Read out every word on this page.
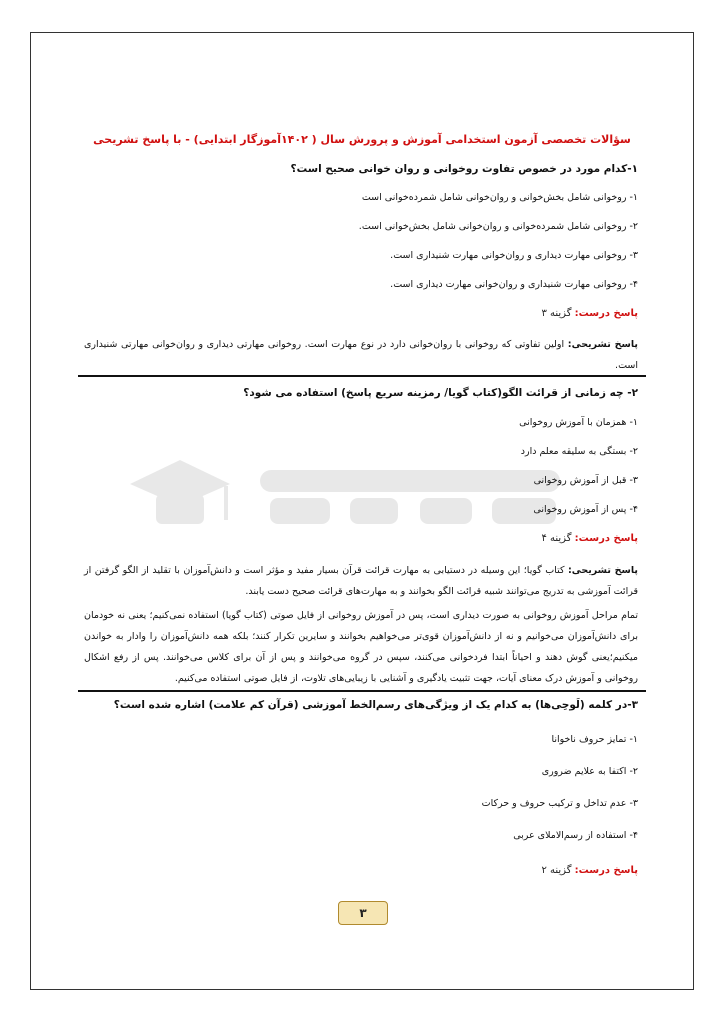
سؤالات تخصصی آزمون استخدامی آموزش و پرورش سال ( ۱۴۰۲آموزگار ابتدایی) - با پاسخ تشریحی
۱-کدام مورد در خصوص تفاوت روخوانی و روان خوانی صحیح است؟
۱- روخوانی شامل بخش‌خوانی و روان‌خوانی شامل شمرده‌خوانی است
۲- روخوانی شامل شمرده‌خوانی و روان‌خوانی شامل بخش‌خوانی است.
۳- روخوانی مهارت دیداری و روان‌خوانی مهارت شنیداری است.
۴- روخوانی مهارت شنیداری و روان‌خوانی مهارت دیداری است.
پاسخ درست: گزینه ۳
پاسخ تشریحی: اولین تفاوتی که روخوانی با روان‌خوانی دارد در نوع مهارت است. روخوانی مهارتی دیداری و روان‌خوانی مهارتی شنیداری است.
۲- چه زمانی از قرائت الگو(کتاب گویا/ رمزینه سریع پاسخ) استفاده می شود؟
۱- همزمان با آموزش روخوانی
۲- بستگی به سلیقه معلم دارد
۳- قبل از آموزش روخوانی
۴- پس از آموزش روخوانی
پاسخ درست: گزینه ۴
پاسخ تشریحی: کتاب گویا؛ این وسیله در دستیابی به مهارت قرائت قرآن بسیار مفید و مؤثر است و دانش‌آموزان با تقلید از الگو گرفتن از قرائت آموزشی به تدریج می‌توانند شبیه قرائت الگو بخوانند و به مهارت‌های قرائت صحیح دست یابند.
تمام مراحل آموزش روخوانی به صورت دیداری است، پس در آموزش روخوانی از فایل صوتی (کتاب گویا) استفاده نمی‌کنیم؛ یعنی نه خودمان برای دانش‌آموزان می‌خوانیم و نه از دانش‌آموزان قوی‌تر می‌خواهیم بخوانند و سایرین تکرار کنند؛ بلکه همه دانش‌آموزان را وادار به خواندن میکنیم؛یعنی گوش دهند و احیاناً ابتدا فردخوانی می‌کنند، سپس در گروه می‌خوانند و پس از آن برای کلاس می‌خوانند. پس از رفع اشکال روخوانی و آموزش درک معنای آیات، جهت تثبیت یادگیری و آشنایی با زیبایی‌های تلاوت، از فایل صوتی استفاده می‌کنیم.
۳-در کلمه (لَوحِی‌ها) به کدام یک از ویژگی‌های رسم‌الخط آموزشی (قرآن کم علامت) اشاره شده است؟
۱- تمایز حروف ناخوانا
۲- اکتفا به علایم ضروری
۳- عدم تداخل و ترکیب حروف و حرکات
۴- استفاده از رسم‌الاملای عربی
پاسخ درست: گزینه ۲
۳
